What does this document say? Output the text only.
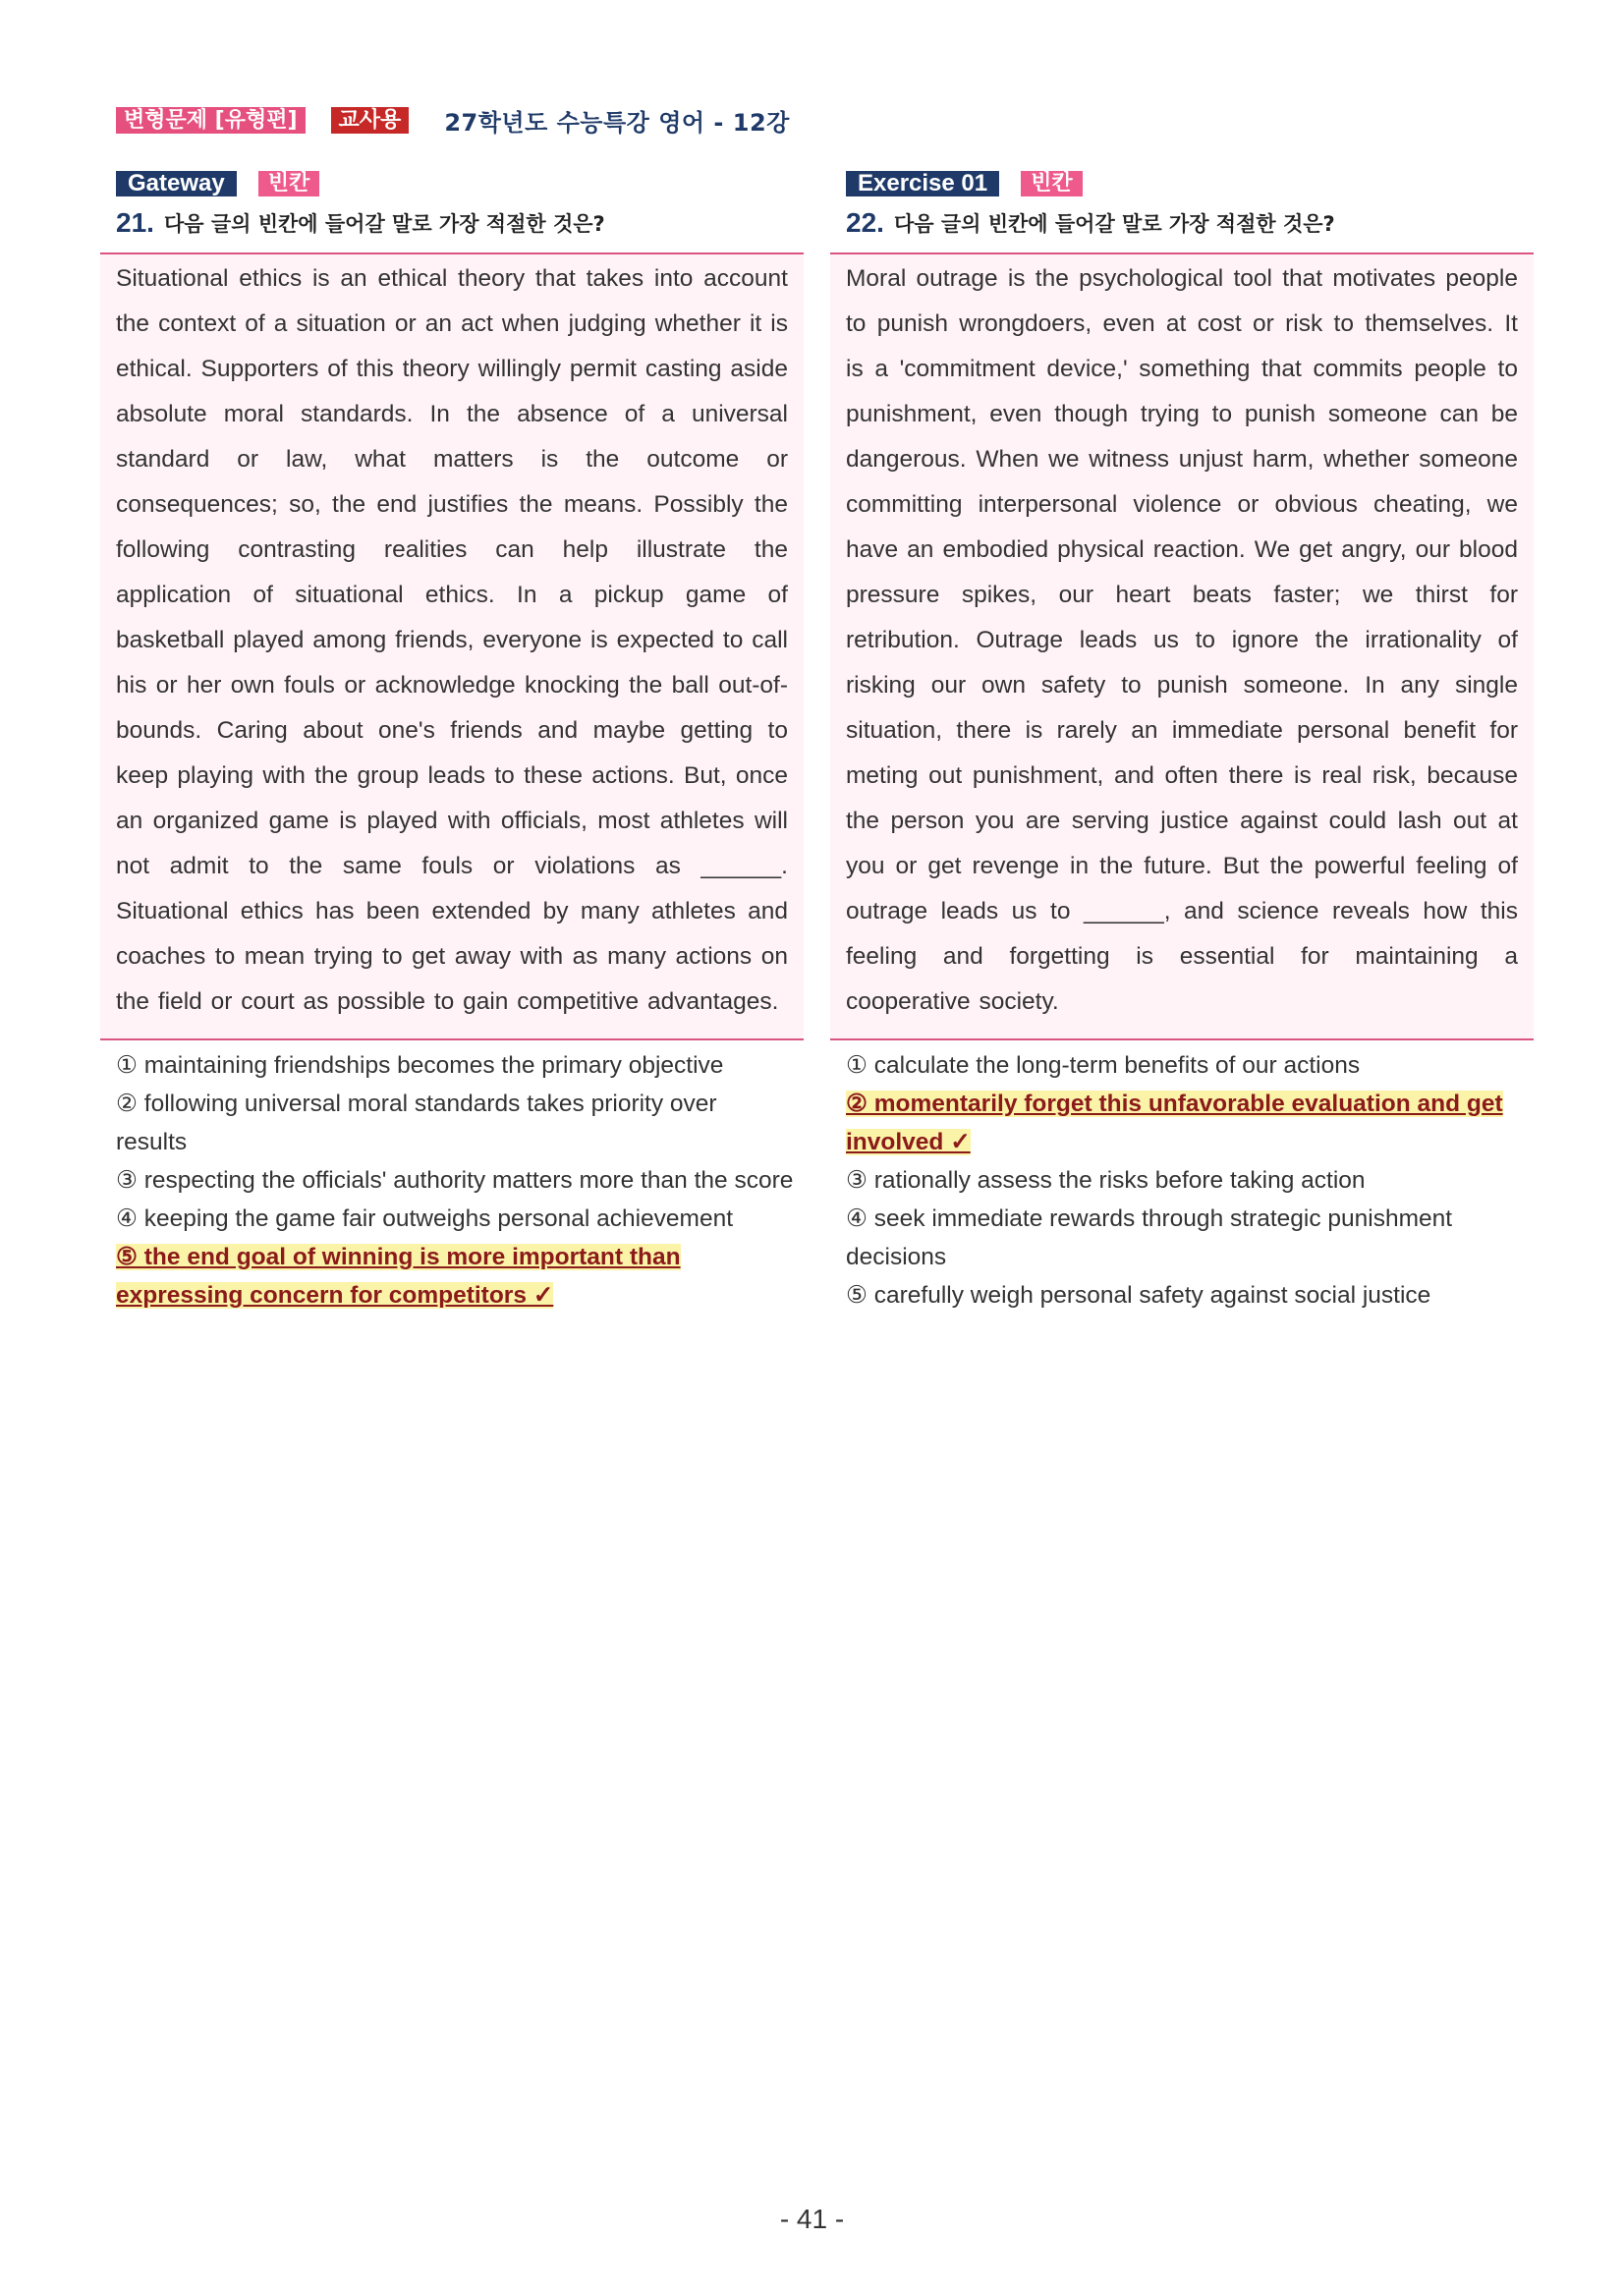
변형문제 [유형편]	교사용	27학년도 수능특강 영어 - 12강
Gateway	빈칸
21. 다음 글의 빈칸에 들어갈 말로 가장 적절한 것은?
Situational ethics is an ethical theory that takes into account the context of a situation or an act when judging whether it is ethical. Supporters of this theory willingly permit casting aside absolute moral standards. In the absence of a universal standard or law, what matters is the outcome or consequences; so, the end justifies the means. Possibly the following contrasting realities can help illustrate the application of situational ethics. In a pickup game of basketball played among friends, everyone is expected to call his or her own fouls or acknowledge knocking the ball out-of-bounds. Caring about one's friends and maybe getting to keep playing with the group leads to these actions. But, once an organized game is played with officials, most athletes will not admit to the same fouls or violations as ______. Situational ethics has been extended by many athletes and coaches to mean trying to get away with as many actions on the field or court as possible to gain competitive advantages.
① maintaining friendships becomes the primary objective
② following universal moral standards takes priority over results
③ respecting the officials' authority matters more than the score
④ keeping the game fair outweighs personal achievement
⑤ the end goal of winning is more important than expressing concern for competitors ✓
Exercise 01	빈칸
22. 다음 글의 빈칸에 들어갈 말로 가장 적절한 것은?
Moral outrage is the psychological tool that motivates people to punish wrongdoers, even at cost or risk to themselves. It is a 'commitment device,' something that commits people to punishment, even though trying to punish someone can be dangerous. When we witness unjust harm, whether someone committing interpersonal violence or obvious cheating, we have an embodied physical reaction. We get angry, our blood pressure spikes, our heart beats faster; we thirst for retribution. Outrage leads us to ignore the irrationality of risking our own safety to punish someone. In any single situation, there is rarely an immediate personal benefit for meting out punishment, and often there is real risk, because the person you are serving justice against could lash out at you or get revenge in the future. But the powerful feeling of outrage leads us to ______, and science reveals how this feeling and forgetting is essential for maintaining a cooperative society.
① calculate the long-term benefits of our actions
② momentarily forget this unfavorable evaluation and get involved ✓
③ rationally assess the risks before taking action
④ seek immediate rewards through strategic punishment decisions
⑤ carefully weigh personal safety against social justice
- 41 -
